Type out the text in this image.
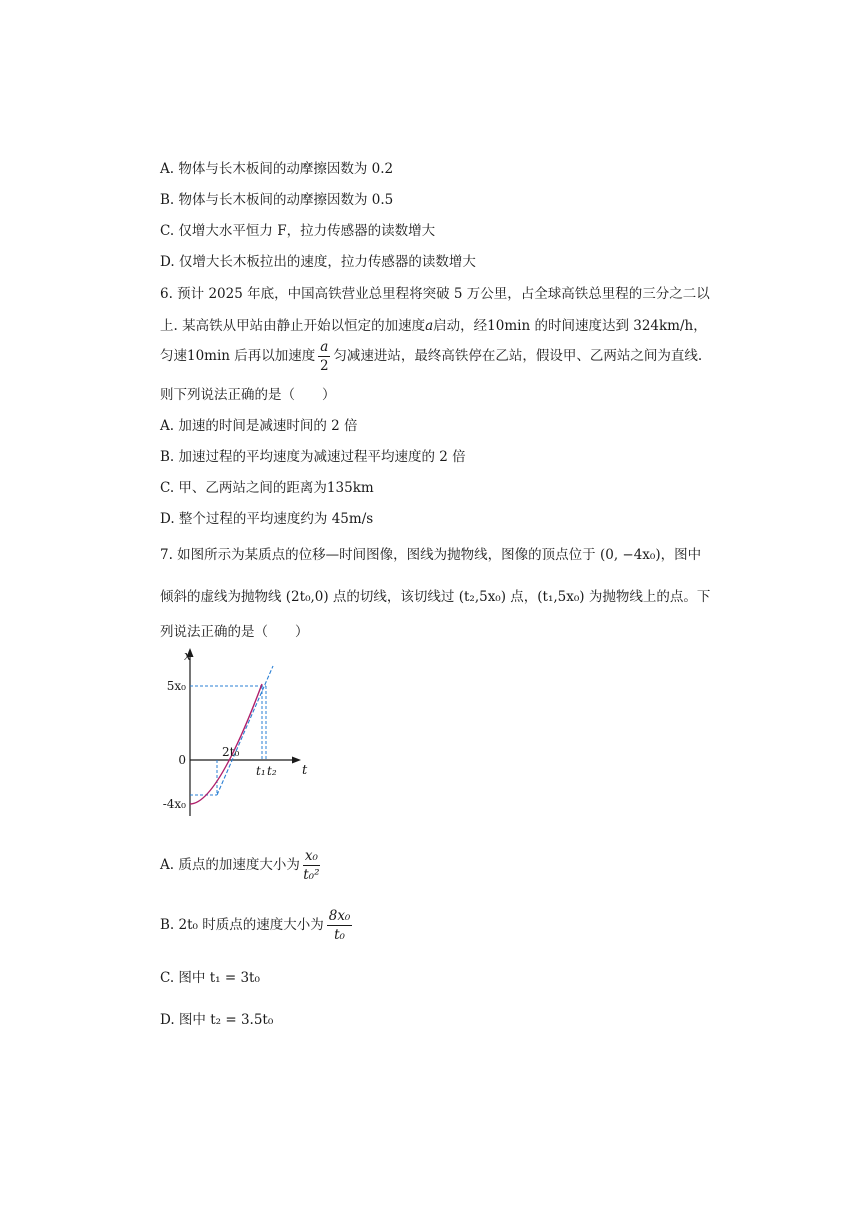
A. 物体与长木板间的动摩擦因数为 0.2
B. 物体与长木板间的动摩擦因数为 0.5
C. 仅增大水平恒力 F，拉力传感器的读数增大
D. 仅增大长木板拉出的速度，拉力传感器的读数增大
6. 预计 2025 年底，中国高铁营业总里程将突破 5 万公里，占全球高铁总里程的三分之二以
上. 某高铁从甲站由静止开始以恒定的加速度a启动，经10min 的时间速度达到 324km/h，
匀速10min 后再以加速度 $\frac{a}{2}$ 匀减速进站，最终高铁停在乙站，假设甲、乙两站之间为直线.
则下列说法正确的是（　　）
A. 加速的时间是减速时间的 2 倍
B. 加速过程的平均速度为减速过程平均速度的 2 倍
C. 甲、乙两站之间的距离为135km
D. 整个过程的平均速度约为 45m/s
7. 如图所示为某质点的位移—时间图像，图线为抛物线，图像的顶点位于 (0, −4x₀)，图中
倾斜的虚线为抛物线 (2t₀,0) 点的切线，该切线过 (t₂,5x₀) 点，(t₁,5x₀) 为抛物线上的点。下
列说法正确的是（　　）
x
t
5x₀
0
-4x₀
2t₀
t₁ t₂
A. 质点的加速度大小为 $\frac{\text{x₀}}{\text{t₀²}}$
B. 2t₀ 时质点的速度大小为 $\frac{\text{8x₀}}{\text{t₀}}$
C. 图中 t₁ = 3t₀
D. 图中 t₂ = 3.5t₀
